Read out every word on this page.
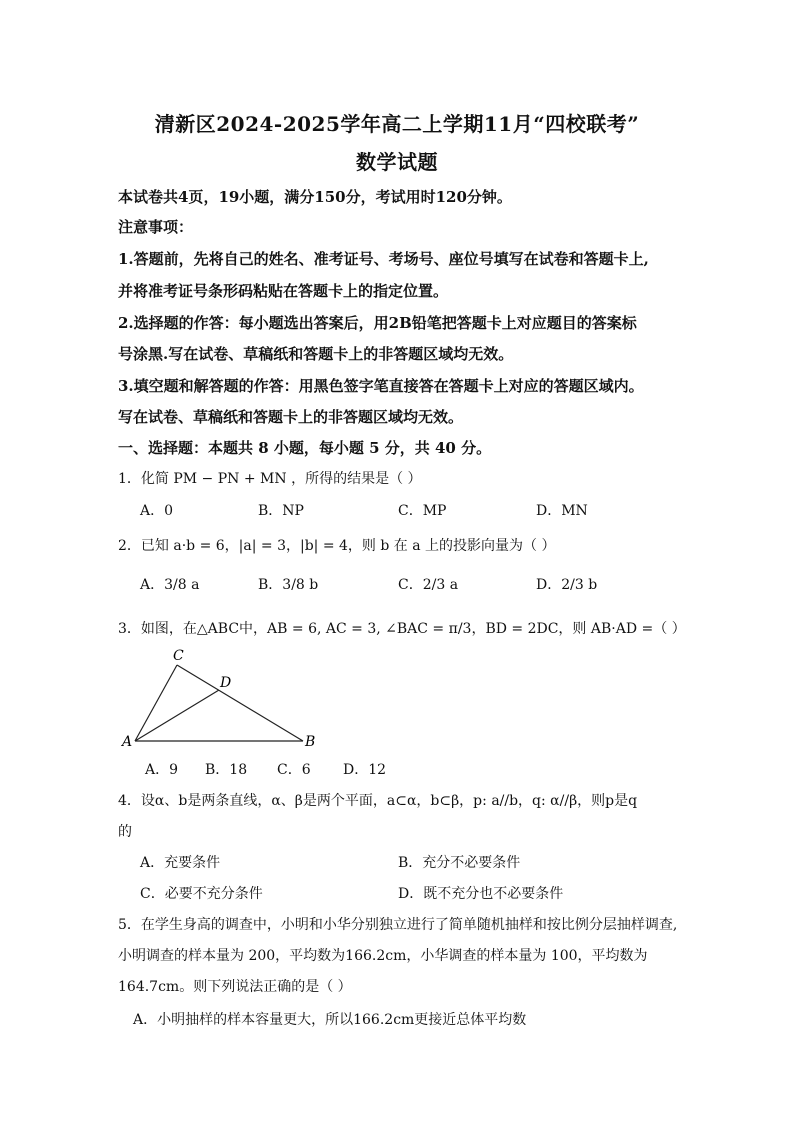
清新区2024-2025学年高二上学期11月“四校联考”
数学试题
本试卷共4页，19小题，满分150分，考试用时120分钟。
注意事项：
1.答题前，先将自己的姓名、准考证号、考场号、座位号填写在试卷和答题卡上,
并将准考证号条形码粘贴在答题卡上的指定位置。
2.选择题的作答：每小题选出答案后，用2B铅笔把答题卡上对应题目的答案标
号涂黑.写在试卷、草稿纸和答题卡上的非答题区域均无效。
3.填空题和解答题的作答：用黑色签字笔直接答在答题卡上对应的答题区域内。
写在试卷、草稿纸和答题卡上的非答题区域均无效。
一、选择题：本题共 8 小题，每小题 5 分，共 40 分。
1．化简 PM − PN + MN ，所得的结果是（ ）
A．0	B．NP	C．MP	D．MN
2．已知 a·b = 6，|a| = 3，|b| = 4，则 b 在 a 上的投影向量为（ ）
A．3/8 a	B．3/8 b	C．2/3 a	D．2/3 b
3．如图，在△ABC中，AB = 6, AC = 3, ∠BAC = π/3，BD = 2DC，则 AB·AD =（ ）
C
D
A	B
A．9 B．18 C．6 D．12
4．设α、b是两条直线，α、β是两个平面，a⊂α，b⊂β，p: a//b，q: α//β，则p是q
的
A．充要条件	B．充分不必要条件
C．必要不充分条件	D．既不充分也不必要条件
5．在学生身高的调查中，小明和小华分别独立进行了简单随机抽样和按比例分层抽样调查,
小明调查的样本量为 200，平均数为166.2cm，小华调查的样本量为 100，平均数为
164.7cm。则下列说法正确的是（ ）
A．小明抽样的样本容量更大，所以166.2cm更接近总体平均数
